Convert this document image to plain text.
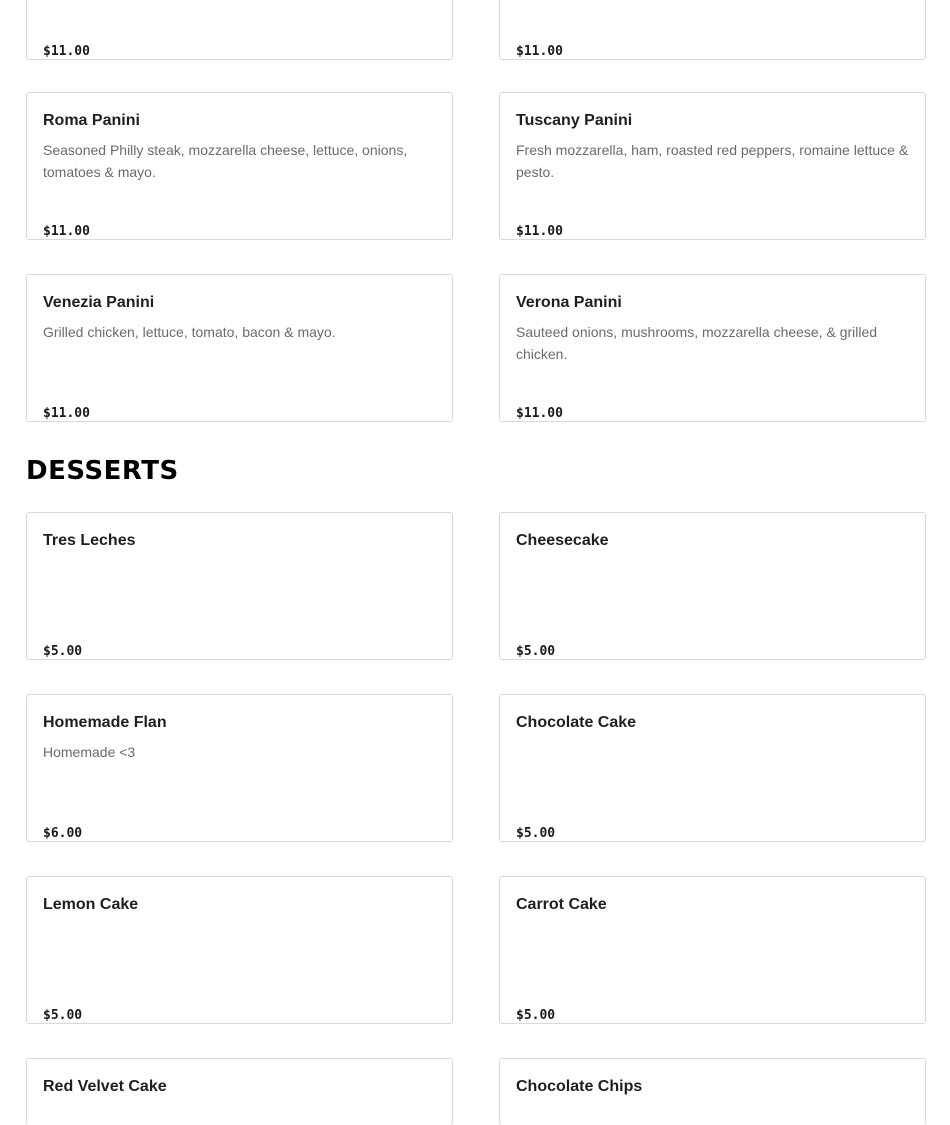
$11.00	$11.00
Roma Panini
Seasoned Philly steak, mozzarella cheese, lettuce, onions, tomatoes & mayo.
$11.00
Tuscany Panini
Fresh mozzarella, ham, roasted red peppers, romaine lettuce & pesto.
$11.00
Venezia Panini
Grilled chicken, lettuce, tomato, bacon & mayo.
$11.00
Verona Panini
Sauteed onions, mushrooms, mozzarella cheese, & grilled chicken.
$11.00
DESSERTS
Tres Leches
$5.00
Cheesecake
$5.00
Homemade Flan
Homemade <3
$6.00
Chocolate Cake
$5.00
Lemon Cake
$5.00
Carrot Cake
$5.00
Red Velvet Cake	Chocolate Chips
